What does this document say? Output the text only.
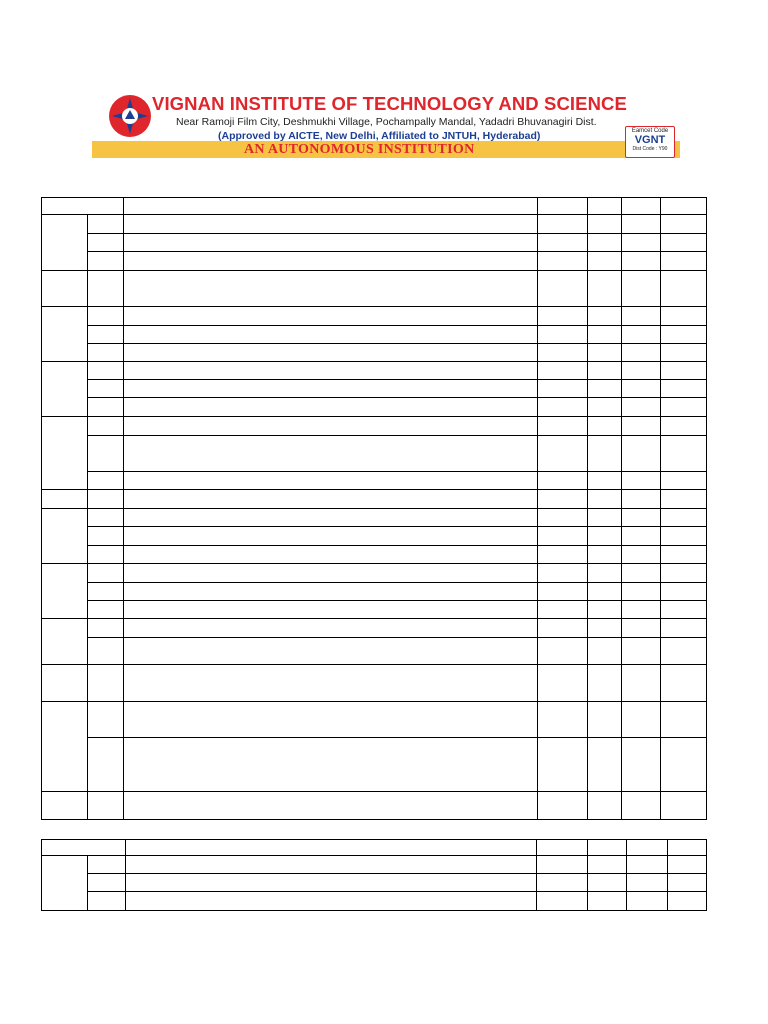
VIGNAN INSTITUTE OF TECHNOLOGY AND SCIENCE
Near Ramoji Film City, Deshmukhi Village, Pochampally Mandal, Yadadri Bhuvanagiri Dist.
(Approved by AICTE, New Delhi, Affiliated to JNTUH, Hyderabad)
AN AUTONOMOUS INSTITUTION
Eamcet Code
VGNT
Dist Code : Y90
